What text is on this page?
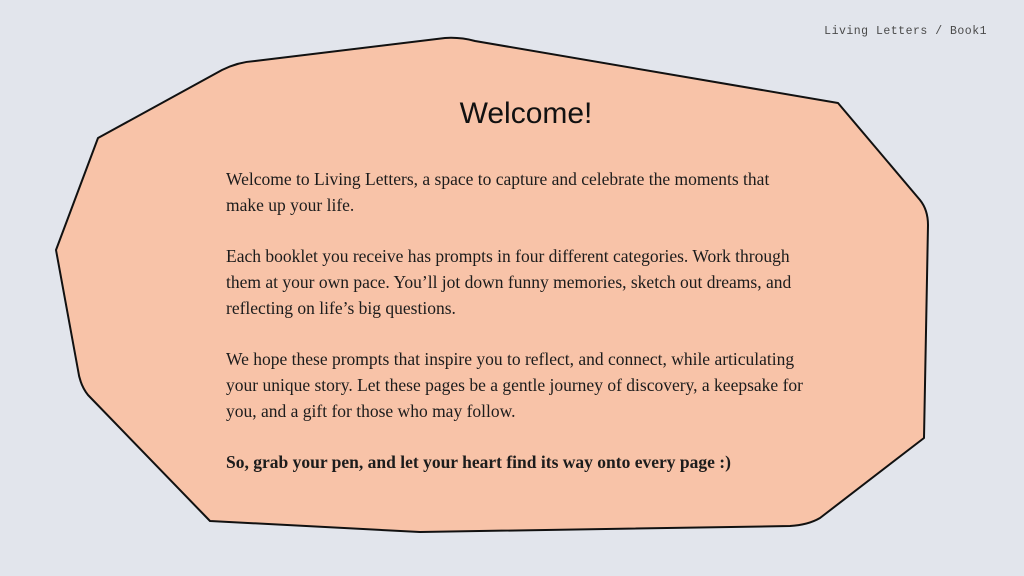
Living Letters / Book1
Welcome!

Welcome to Living Letters, a space to capture and celebrate the moments that make up your life.

Each booklet you receive has prompts in four different categories. Work through them at your own pace. You’ll jot down funny memories, sketch out dreams, and reflecting on life’s big questions.

We hope these prompts that inspire you to reflect, and connect, while articulating your unique story. Let these pages be a gentle journey of discovery, a keepsake for you, and a gift for those who may follow.

So, grab your pen, and let your heart find its way onto every page :)
